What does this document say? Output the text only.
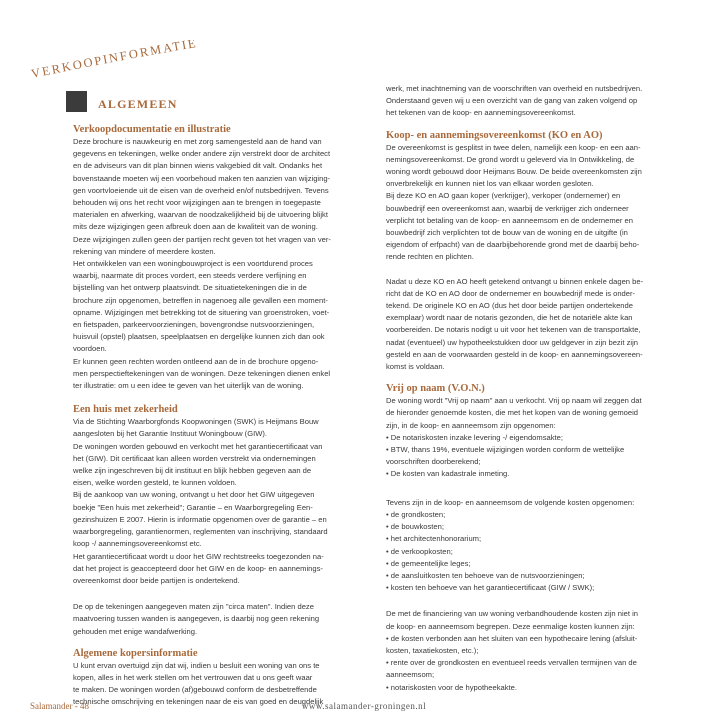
VERKOOPINFORMATIE
ALGEMEEN

Verkoopdocumentatie en illustratie

Deze brochure is nauwkeurig en met zorg samengesteld aan de hand van

gegevens en tekeningen, welke onder andere zijn verstrekt door de architect

en de adviseurs van dit plan binnen wiens vakgebied dit valt. Ondanks het

bovenstaande moeten wij een voorbehoud maken ten aanzien van wijziging-

gen voortvloeiende uit de eisen van de overheid en/of nutsbedrijven. Tevens

behouden wij ons het recht voor wijzigingen aan te brengen in toegepaste

materialen en afwerking, waarvan de noodzakelijkheid bij de uitvoering blijkt

mits deze wijzigingen geen afbreuk doen aan de kwaliteit van de woning.

Deze wijzigingen zullen geen der partijen recht geven tot het vragen van ver-

rekening van mindere of meerdere kosten.

Het ontwikkelen van een woningbouwproject is een voortdurend proces

waarbij, naarmate dit proces vordert, een steeds verdere verfijning en

bijstelling van het ontwerp plaatsvindt. De situatietekeningen die in de

brochure zijn opgenomen, betreffen in nagenoeg alle gevallen een moment-

opname. Wijzigingen met betrekking tot de situering van groenstroken, voet-

en fietspaden, parkeervoorzieningen, bovengrondse nutsvoorzieningen,

huisvuil (opstel) plaatsen, speelplaatsen en dergelijke kunnen zich dan ook

voordoen.

Er kunnen geen rechten worden ontleend aan de in de brochure opgeno-

men perspectieftekeningen van de woningen. Deze tekeningen dienen enkel

ter illustratie: om u een idee te geven van het uiterlijk van de woning.

Een huis met zekerheid

Via de Stichting Waarborgfonds Koopwoningen (SWK) is Heijmans Bouw

aangesloten bij het Garantie Instituut Woningbouw (GIW).

De woningen worden gebouwd en verkocht met het garantiecertificaat van

het (GIW). Dit certificaat kan alleen worden verstrekt via ondernemingen

welke zijn ingeschreven bij dit instituut en blijk hebben gegeven aan de

eisen, welke worden gesteld, te kunnen voldoen.

Bij de aankoop van uw woning, ontvangt u het door het GIW uitgegeven

boekje "Een huis met zekerheid"; Garantie – en Waarborgregeling Een-

gezinshuizen E 2007. Hierin is informatie opgenomen over de garantie – en

waarborgregeling, garantienormen, reglementen van inschrijving, standaard

koop -/ aannemingsovereenkomst etc.

Het garantiecertificaat wordt u door het GIW rechtstreeks toegezonden na-

dat het project is geaccepteerd door het GIW en de koop- en aannemings-

overeenkomst door beide partijen is ondertekend.

De op de tekeningen aangegeven maten zijn "circa maten". Indien deze

maatvoering tussen wanden is aangegeven, is daarbij nog geen rekening

gehouden met enige wandafwerking.

Algemene kopersinformatie

U kunt ervan overtuigd zijn dat wij, indien u besluit een woning van ons te

kopen, alles in het werk stellen om het vertrouwen dat u ons geeft waar

te maken. De woningen worden (af)gebouwd conform de desbetreffende

technische omschrijving en tekeningen naar de eis van goed en deugdelijk

werk, met inachtneming van de voorschriften van overheid en nutsbedrijven.

Onderstaand geven wij u een overzicht van de gang van zaken volgend op

het tekenen van de koop- en aannemingsovereenkomst.

Koop- en aannemingsovereenkomst (KO en AO)

De overeenkomst is gesplitst in twee delen, namelijk een koop- en een aan-

nemingsovereenkomst. De grond wordt u geleverd via In Ontwikkeling, de

woning wordt gebouwd door Heijmans Bouw. De beide overeenkomsten zijn

onverbrekelijk en kunnen niet los van elkaar worden gesloten.

Bij deze KO en AO gaan koper (verkrijger), verkoper (ondernemer) en

bouwbedrijf een overeenkomst aan, waarbij de verkrijger zich onderneer

verplicht tot betaling van de koop- en aanneemsom en de ondernemer en

bouwbedrijf zich verplichten tot de bouw van de woning en de uitgifte (in

eigendom of erfpacht) van de daarbijbehorende grond met de daarbij beho-

rende rechten en plichten.

Nadat u deze KO en AO heeft getekend ontvangt u binnen enkele dagen be-

richt dat de KO en AO door de ondernemer en bouwbedrijf mede is onder-

tekend. De originele KO en AO (dus het door beide partijen ondertekende

exemplaar) wordt naar de notaris gezonden, die het de notariële akte kan

voorbereiden. De notaris nodigt u uit voor het tekenen van de transportakte,

nadat (eventueel) uw hypotheekstukken door uw geldgever in zijn bezit zijn

gesteld en aan de voorwaarden gesteld in de koop- en aannemingsovereen-

komst is voldaan.

Vrij op naam (V.O.N.)

De woning wordt "Vrij op naam" aan u verkocht. Vrij op naam wil zeggen dat

de hieronder genoemde kosten, die met het kopen van de woning gemoeid

zijn, in de koop- en aanneemsom zijn opgenomen:

• De notariskosten inzake levering -/ eigendomsakte;

• BTW, thans 19%, eventuele wijzigingen worden conform de wettelijke

voorschriften doorberekend;

• De kosten van kadastrale inmeting.

Tevens zijn in de koop- en aanneemsom de volgende kosten opgenomen:

• de grondkosten;

• de bouwkosten;

• het architectenhonorarium;

• de verkoopkosten;

• de gemeentelijke leges;

• de aansluitkosten ten behoeve van de nutsvoorzieningen;

• kosten ten behoeve van het garantiecertificaat (GIW / SWK);

De met de financiering van uw woning verbandhoudende kosten zijn niet in

de koop- en aanneemsom begrepen. Deze eenmalige kosten kunnen zijn:

• de kosten verbonden aan het sluiten van een hypothecaire lening (afsluit-

kosten, taxatiekosten, etc.);

• rente over de grondkosten en eventueel reeds vervallen termijnen van de

aanneemsom;

• notariskosten voor de hypotheekakte.

Salamander - 48	www.salamander-groningen.nl
